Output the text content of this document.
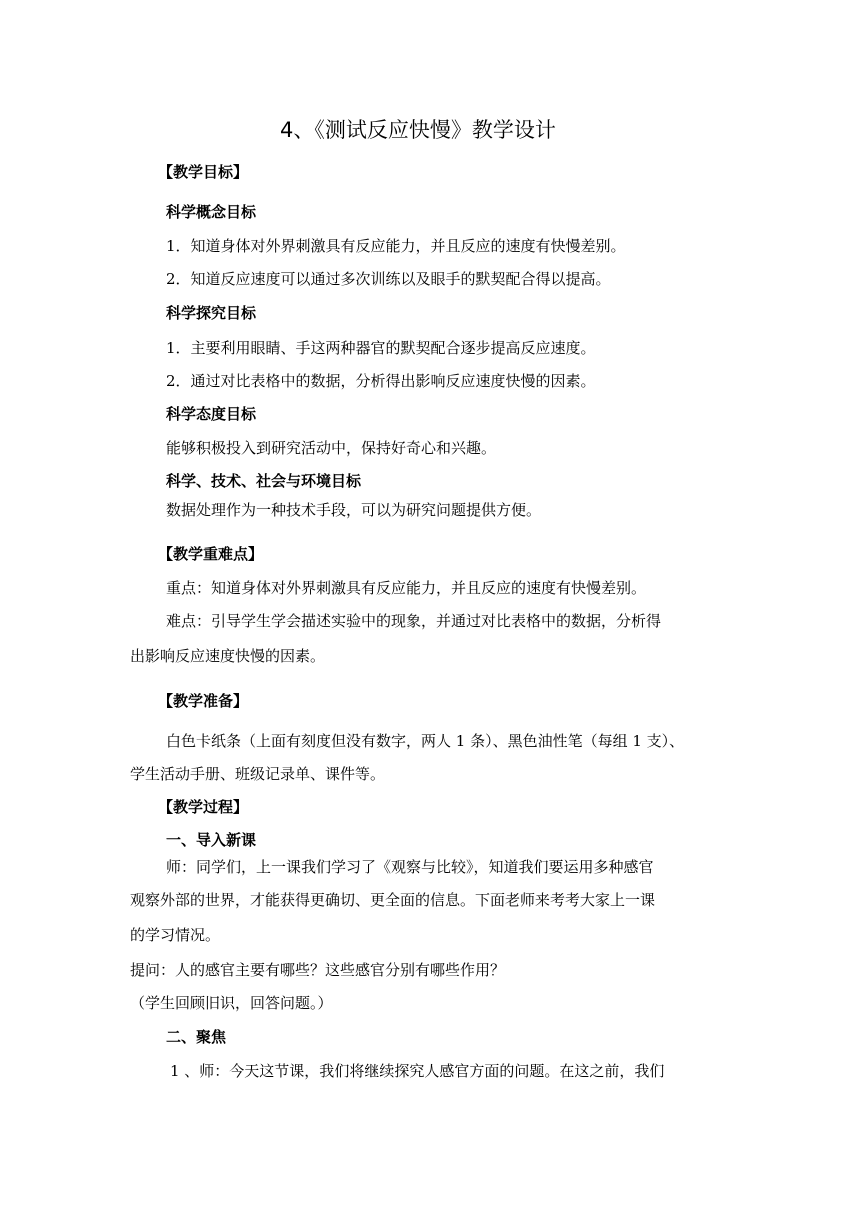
4、《测试反应快慢》教学设计
【教学目标】
科学概念目标
1．知道身体对外界刺激具有反应能力，并且反应的速度有快慢差别。
2．知道反应速度可以通过多次训练以及眼手的默契配合得以提高。
科学探究目标
1．主要利用眼睛、手这两种器官的默契配合逐步提高反应速度。
2．通过对比表格中的数据，分析得出影响反应速度快慢的因素。
科学态度目标
能够积极投入到研究活动中，保持好奇心和兴趣。
科学、技术、社会与环境目标
数据处理作为一种技术手段，可以为研究问题提供方便。
【教学重难点】
重点：知道身体对外界刺激具有反应能力，并且反应的速度有快慢差别。
难点：引导学生学会描述实验中的现象，并通过对比表格中的数据，分析得
出影响反应速度快慢的因素。
【教学准备】
白色卡纸条（上面有刻度但没有数字，两人 1 条）、黑色油性笔（每组 1 支）、
学生活动手册、班级记录单、课件等。
【教学过程】
一、导入新课
师：同学们，上一课我们学习了《观察与比较》，知道我们要运用多种感官
观察外部的世界，才能获得更确切、更全面的信息。下面老师来考考大家上一课
的学习情况。
提问：人的感官主要有哪些？这些感官分别有哪些作用？
（学生回顾旧识，回答问题。）
二、聚焦
1 、师：今天这节课，我们将继续探究人感官方面的问题。在这之前，我们
